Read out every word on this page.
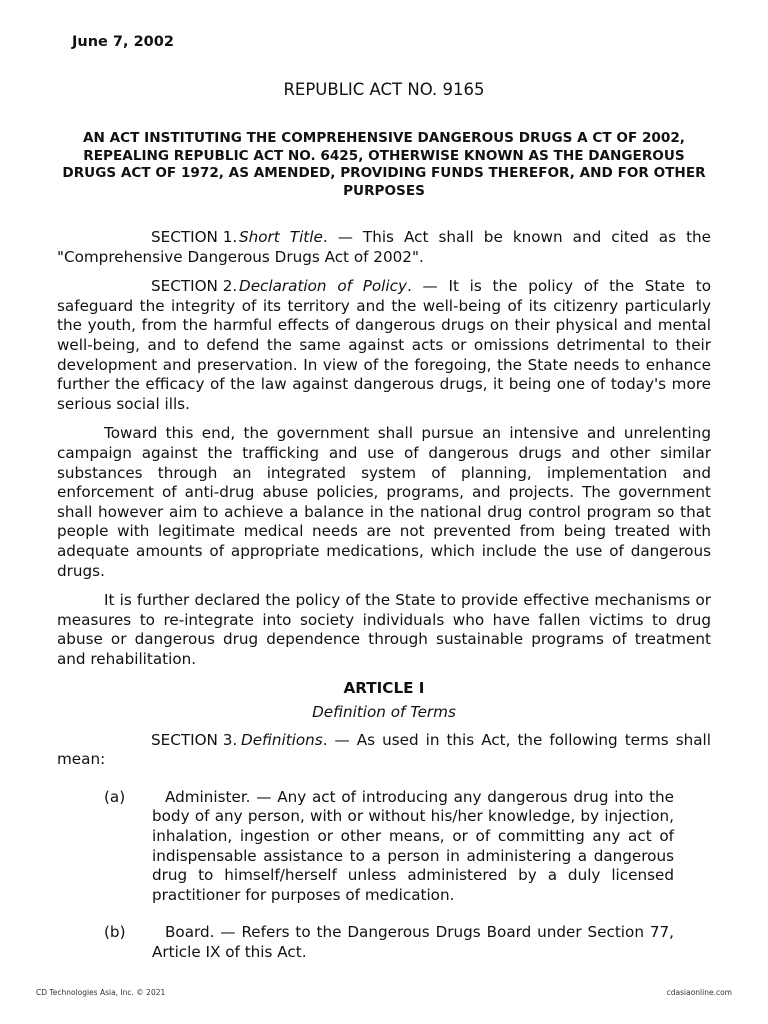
June 7, 2002
REPUBLIC ACT NO. 9165
AN ACT INSTITUTING THE COMPREHENSIVE DANGEROUS DRUGS A CT OF 2002, REPEALING REPUBLIC ACT NO. 6425, OTHERWISE KNOWN AS THE DANGEROUS DRUGS ACT OF 1972, AS AMENDED, PROVIDING FUNDS THEREFOR, AND FOR OTHER PURPOSES

SECTION 1. Short Title. — This Act shall be known and cited as the "Comprehensive Dangerous Drugs Act of 2002".

SECTION 2. Declaration of Policy. — It is the policy of the State to safeguard the integrity of its territory and the well-being of its citizenry particularly the youth, from the harmful effects of dangerous drugs on their physical and mental well-being, and to defend the same against acts or omissions detrimental to their development and preservation. In view of the foregoing, the State needs to enhance further the efficacy of the law against dangerous drugs, it being one of today's more serious social ills.

Toward this end, the government shall pursue an intensive and unrelenting campaign against the trafficking and use of dangerous drugs and other similar substances through an integrated system of planning, implementation and enforcement of anti-drug abuse policies, programs, and projects. The government shall however aim to achieve a balance in the national drug control program so that people with legitimate medical needs are not prevented from being treated with adequate amounts of appropriate medications, which include the use of dangerous drugs.

It is further declared the policy of the State to provide effective mechanisms or measures to re-integrate into society individuals who have fallen victims to drug abuse or dangerous drug dependence through sustainable programs of treatment and rehabilitation.

ARTICLE I
Definition of Terms

SECTION 3. Definitions. — As used in this Act, the following terms shall mean:

(a)	Administer. — Any act of introducing any dangerous drug into the body of any person, with or without his/her knowledge, by injection, inhalation, ingestion or other means, or of committing any act of indispensable assistance to a person in administering a dangerous drug to himself/herself unless administered by a duly licensed practitioner for purposes of medication.
(b)	Board. — Refers to the Dangerous Drugs Board under Section 77, Article IX of this Act.
CD Technologies Asia, Inc. © 2021	cdasiaonline.com
